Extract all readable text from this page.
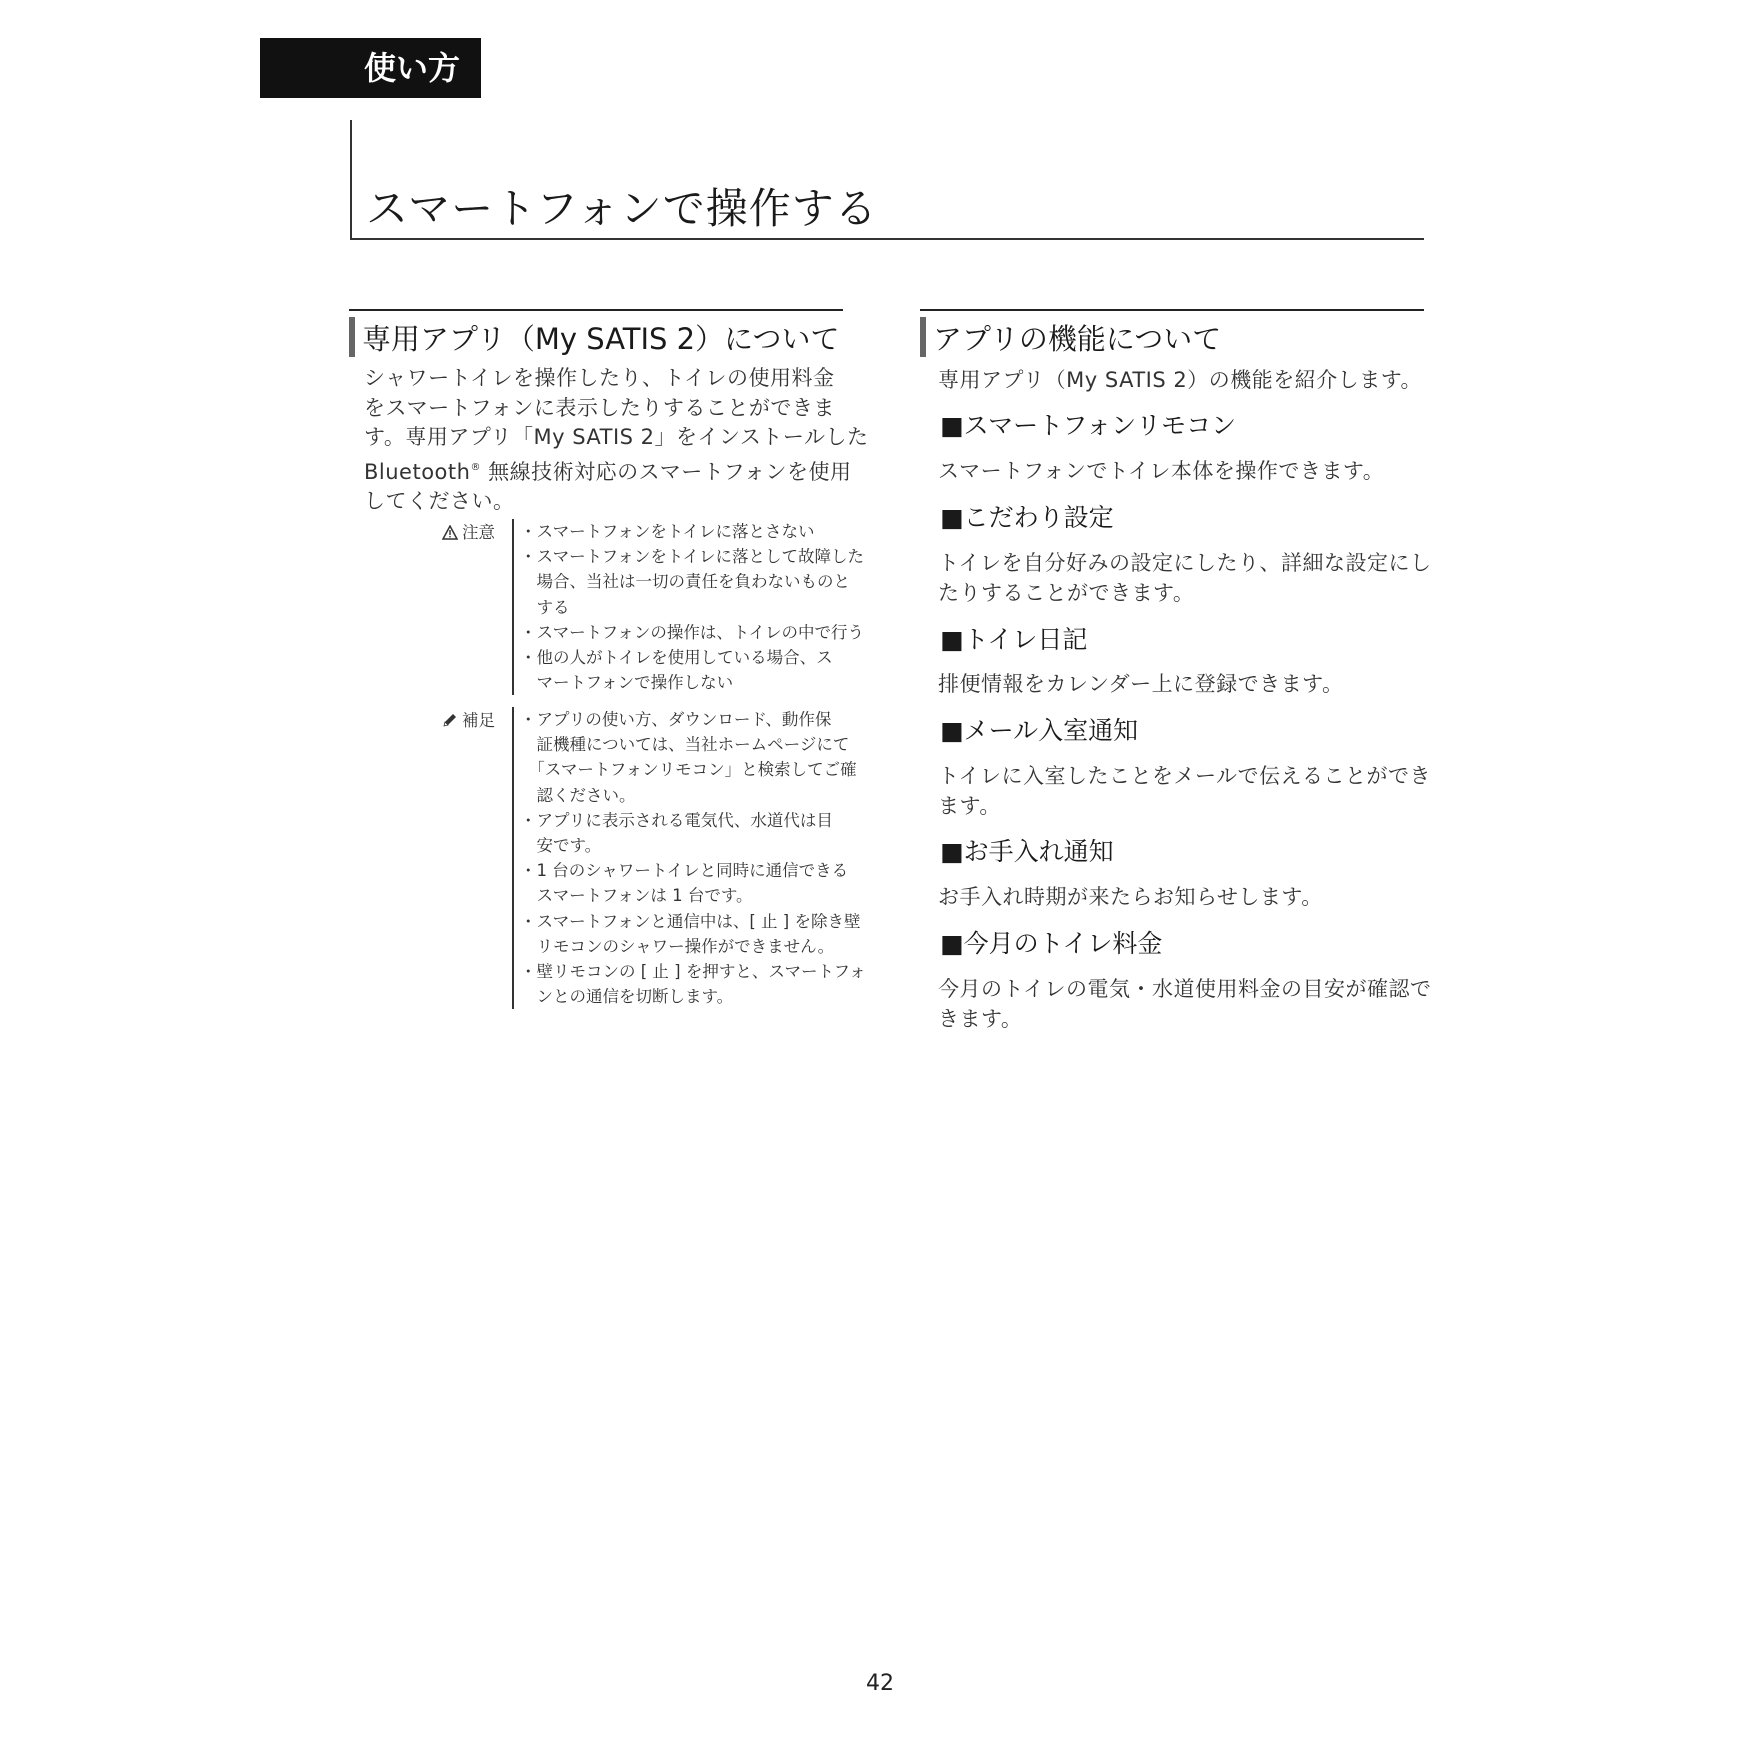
使い方
スマートフォンで操作する
専用アプリ（My SATIS 2）について

シャワートイレを操作したり、トイレの使用料金

をスマートフォンに表示したりすることができま

す。専用アプリ「My SATIS 2」をインストールした

Bluetooth® 無線技術対応のスマートフォンを使用

してください。

注意	・スマートフォンをトイレに落とさない
・スマートフォンをトイレに落として故障した
　場合、当社は一切の責任を負わないものと
　する
・スマートフォンの操作は、トイレの中で行う
・他の人がトイレを使用している場合、ス
　マートフォンで操作しない
補足	・アプリの使い方、ダウンロード、動作保
　証機種については、当社ホームページにて
　「スマートフォンリモコン」と検索してご確
　認ください。
・アプリに表示される電気代、水道代は目
　安です。
・1 台のシャワートイレと同時に通信できる
　スマートフォンは 1 台です。
・スマートフォンと通信中は、[ 止 ] を除き壁
　リモコンのシャワー操作ができません。
・壁リモコンの [ 止 ] を押すと、スマートフォ
　ンとの通信を切断します。
アプリの機能について

専用アプリ（My SATIS 2）の機能を紹介します。

■スマートフォンリモコン

スマートフォンでトイレ本体を操作できます。

■こだわり設定

トイレを自分好みの設定にしたり、詳細な設定にし

たりすることができます。

■トイレ日記

排便情報をカレンダー上に登録できます。

■メール入室通知

トイレに入室したことをメールで伝えることができ

ます。

■お手入れ通知

お手入れ時期が来たらお知らせします。

■今月のトイレ料金

今月のトイレの電気・水道使用料金の目安が確認で

きます。

42
